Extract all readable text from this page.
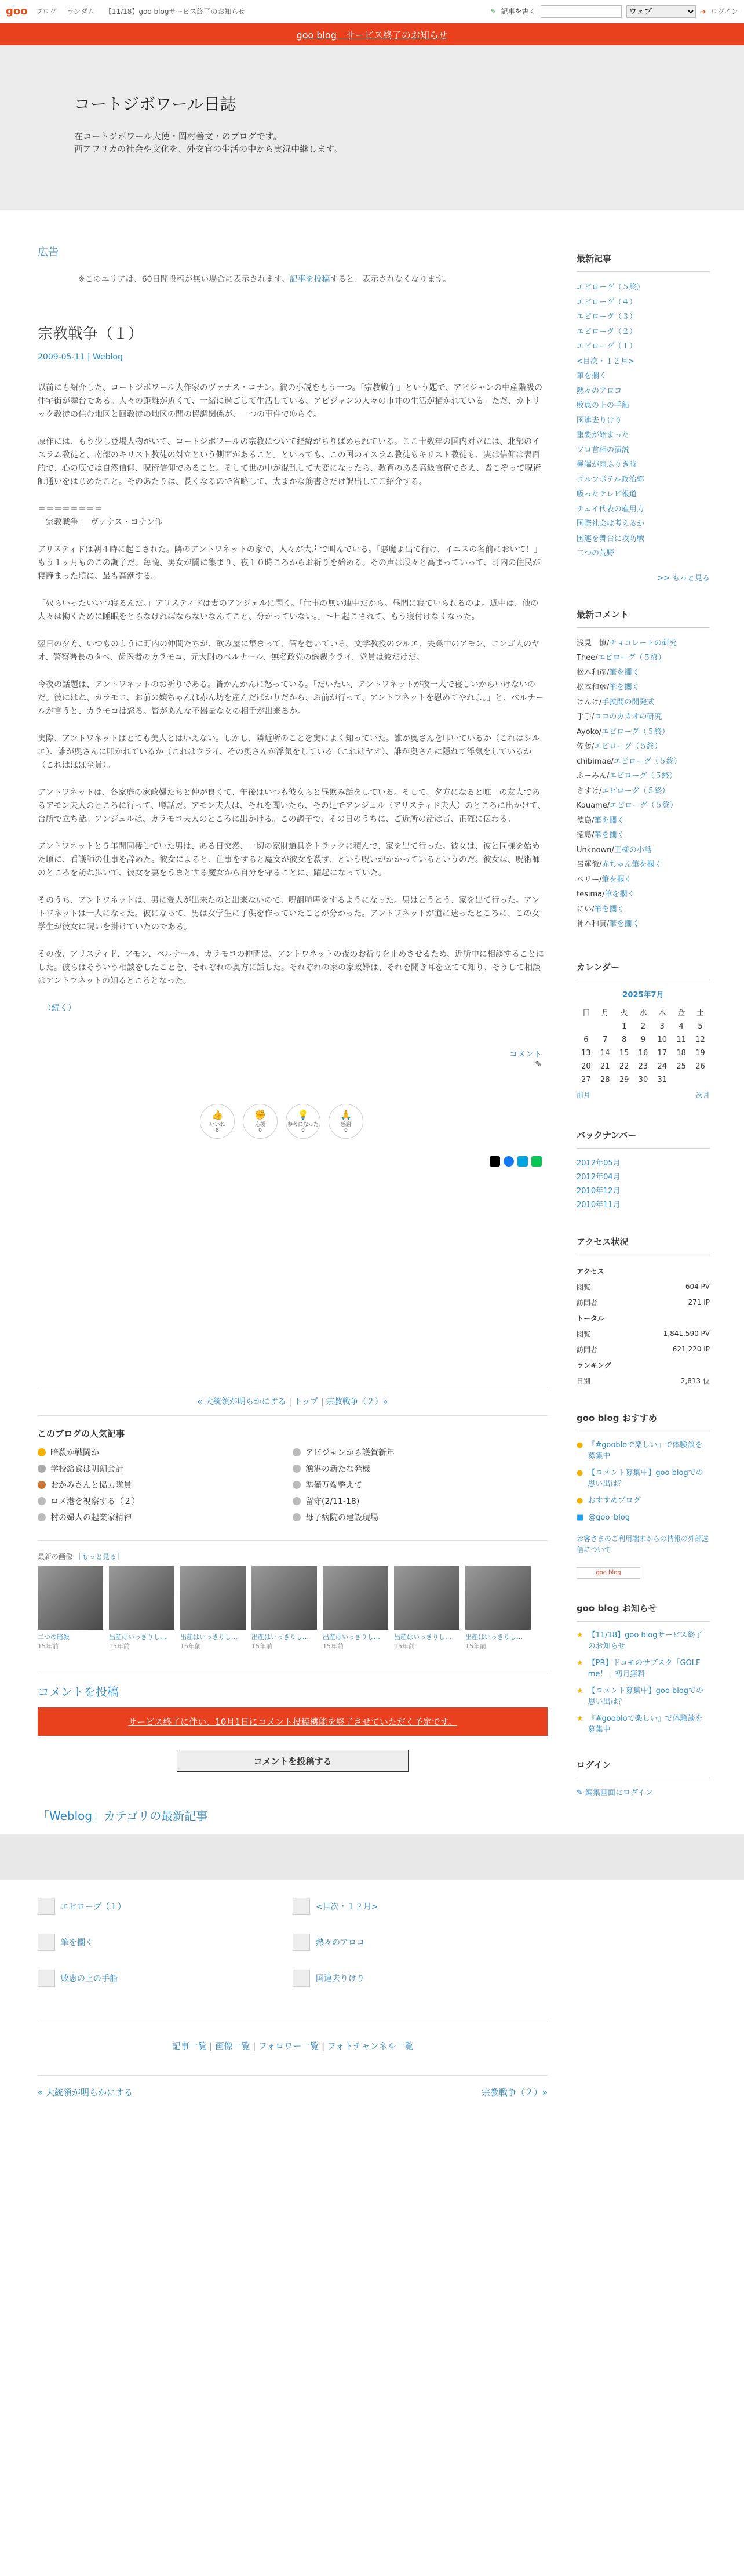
goo ブログ ランダム 【11/18】goo blogサービス終了のお知らせ	✎ 記事を書く
ウェブ	➜ ログイン
goo blog　サービス終了のお知らせ
コートジボワール日誌

在コートジボワール大使・岡村善文・のブログです。

西アフリカの社会や文化を、外交官の生活の中から実況中継します。

広告
※このエリアは、60日間投稿が無い場合に表示されます。記事を投稿すると、表示されなくなります。
宗教戦争（１）
2009-05-11 | Weblog

以前にも紹介した、コートジボワール人作家のヴァナス・コナン。彼の小説をもう一つ。「宗教戦争」という題で、アビジャンの中産階級の住宅街が舞台である。人々の距離が近くて、一緒に過ごして生活している、アビジャンの人々の市井の生活が描かれている。ただ、カトリック教徒の住む地区と回教徒の地区の間の協調関係が、一つの事件でゆらぐ。

原作には、もう少し登場人物がいて、コートジボワールの宗教について経緯がちりばめられている。ここ十数年の国内対立には、北部のイスラム教徒と、南部のキリスト教徒の対立という側面があること。といっても、この国のイスラム教徒もキリスト教徒も、実は信仰は表面的で、心の底では自然信仰、呪術信仰であること。そして世の中が混乱して大変になったら、教育のある高級官僚でさえ、皆こぞって呪術師通いをはじめたこと。そのあたりは、長くなるので省略して、大まかな筋書きだけ訳出してご紹介する。

＝＝＝＝＝＝＝＝

「宗教戦争」　ヴァナス・コナン作

アリスティドは朝４時に起こされた。隣のアントワネットの家で、人々が大声で叫んでいる。「悪魔よ出て行け、イエスの名前において！」もう１ヶ月ものこの調子だ。毎晩、男女が闇に集まり、夜１０時ころからお祈りを始める。その声は段々と高まっていって、町内の住民が寝静まった頃に、最も高潮する。

「奴らいったいいつ寝るんだ。」アリスティドは妻のアンジェルに聞く。「仕事の無い連中だから。昼間に寝ていられるのよ。週中は、他の人々は働くために睡眠をとらなければならないなんてこと、分かっていない。」〜旦起こされて、もう寝付けなくなった。

翌日の夕方、いつものように町内の仲間たちが、飲み屋に集まって、管を巻いている。文学教授のシルエ、失業中のアモン、コンゴ人のヤオ、警察署長のタベ、歯医者のカラモコ、元大尉のベルナール、無名政党の総裁ウライ、党員は彼だけだ。

今夜の話題は、アントワネットのお祈りである。皆かんかんに怒っている。「だいたい、アントワネットが夜一人で寝しいからいけないのだ。彼にはね、カラモコ、お前の嬢ちゃんは赤ん坊を産んだばかりだから、お前が行って、アントワネットを慰めてやれよ。」と、ベルナールが言うと、カラモコは怒る。皆があんな不器量な女の相手が出来るか。

実際、アントワネットはとても美人とはいえない。しかし、隣近所のことを実によく知っていた。誰が奥さんを叩いているか（これはシルエ）、誰が奥さんに叩かれているか（これはウライ、その奥さんが浮気をしている（これはヤオ）、誰が奥さんに隠れて浮気をしているか（これはほぼ全員）。

アントワネットは、各家庭の家政婦たちと仲が良くて、午後はいつも彼女らと昼飲み話をしている。そして、夕方になると唯一の友人であるアモン夫人のところに行って、噂話だ。アモン夫人は、それを聞いたら、その足でアンジェル（アリスティド夫人）のところに出かけて、台所で立ち話。アンジェルは、カラモコ夫人のところに出かける。この調子で、その日のうちに、ご近所の話は皆、正確に伝わる。

アントワネットと５年間同棲していた男は、ある日突然、一切の家財道具をトラックに積んで、家を出て行った。彼女は、彼と同様を始めた頃に、看護師の仕事を辞めた。彼女によると、仕事をすると魔女が彼女を殺す、という呪いがかかっているというのだ。彼女は、呪術師のところを訪ね歩いて、彼女を妻をうまとする魔女から自分を守ることに、躍起になっていた。

そのうち、アントワネットは、男に愛人が出来たのと出来ないので、呪詛喧嘩をするようになった。男はとうとう、家を出て行った。アントワネットは一人になった。彼になって、男は女学生に子供を作っていたことが分かった。アントワネットが道に迷ったところに、この女学生が彼女に呪いを掛けていたのである。

その夜、アリスティド、アモン、ベルナール、カラモコの仲間は、アントワネットの夜のお祈りを止めさせるため、近所中に相談することにした。彼らはそういう相談をしたことを、それぞれの奥方に話した。それぞれの家の家政婦は、それを聞き耳を立てて知り、そうして相談はアントワネットの知るところとなった。

（続く）
コメント
✎
👍
いいね
8
✊
応援
0
💡
参考になった
0
🙏
感謝
0
« 大統領が明らかにする | トップ | 宗教戦争（２）»
このブログの人気記事
暗殺か戦闘か	アビジャンから護賀新年
学校給食は明朗会計	漁港の新たな発機
おかみさんと協力隊員	準備万端整えて
ロメ港を視察する（２）	留守(2/11-18)
村の婦人の起業家精神	母子病院の建設現場
最新の画像 ［もっと見る］
二つの暗殺
15年前
出産はいっきりし…
15年前
出産はいっきりし…
15年前
出産はいっきりし…
15年前
出産はいっきりし…
15年前
出産はいっきりし…
15年前
出産はいっきりし…
15年前
コメントを投稿
サービス終了に伴い、10月1日にコメント投稿機能を終了させていただく予定です。
コメントを投稿する
「Weblog」カテゴリの最新記事
エピローグ（１）	<目次・１２月>
筆を擱く	熱々のアロコ
敗恵の上の手船	国連去りけり
記事一覧 | 画像一覧 | フォロワー一覧 | フォトチャンネル一覧
« 大統領が明らかにする	宗教戦争（２）»
最新記事
エピローグ（５終）
エピローグ（４）
エピローグ（３）
エピローグ（２）
エピローグ（１）
<目次・１２月>
筆を擱く
熱々のアロコ
敗恵の上の手船
国連去りけり
重要が始まった
ソロ首相の演説
極端が雨ふりき時
ゴルフボテル政治郭
吸ったテレビ報道
チェイ代表の雇用力
国際社会は考えるか
国連を舞台に攻防戦
二つの荒野
>> もっと見る
最新コメント
浅見　慎/チョコレートの研究
Thee/エピローグ（５終）
松本和彦/筆を擱く
松本和彦/筆を擱く
けんけ/手挟間の開発式
手手/ココのカカオの研究
Ayoko/エピローグ（５終）
佐藤/エピローグ（５終）
chibimae/エピローグ（５終）
ふーみん/エピローグ（５終）
さすけ/エピローグ（５終）
Kouame/エピローグ（５終）
徳島/筆を擱く
徳島/筆を擱く
Unknown/王様の小話
呂運徹/赤ちゃん筆を擱く
ベリー/筆を擱く
tesima/筆を擱く
にい/筆を擱く
神本和貴/筆を擱く
カレンダー
2025年7月
日	月	火	水	木	金	土
		1	2	3	4	5
6	7	8	9	10	11	12
13	14	15	16	17	18	19
20	21	22	23	24	25	26
27	28	29	30	31		
前月	次月
バックナンバー
2012年05月
2012年04月
2010年12月
2010年11月
アクセス状況
アクセス	
閲覧	604 PV
訪問者	271 IP
トータル	
閲覧	1,841,590 PV
訪問者	621,220 IP
ランキング	
日別	2,813 位
goo blog おすすめ
● 『#goobloで楽しい』で体験談を募集中
● 【コメント募集中】goo blogでの思い出は？
● おすすめブログ
■ @goo_blog

お客さまのご利用端末からの情報の外部送信について

goo blog
goo blog お知らせ
★ 【11/18】goo blogサービス終了のお知らせ
★ 【PR】ドコモのサブスク「GOLF me！」初月無料
★ 【コメント募集中】goo blogでの思い出は？
★ 『#goobloで楽しい』で体験談を募集中
ログイン
✎ 編集画面にログイン
